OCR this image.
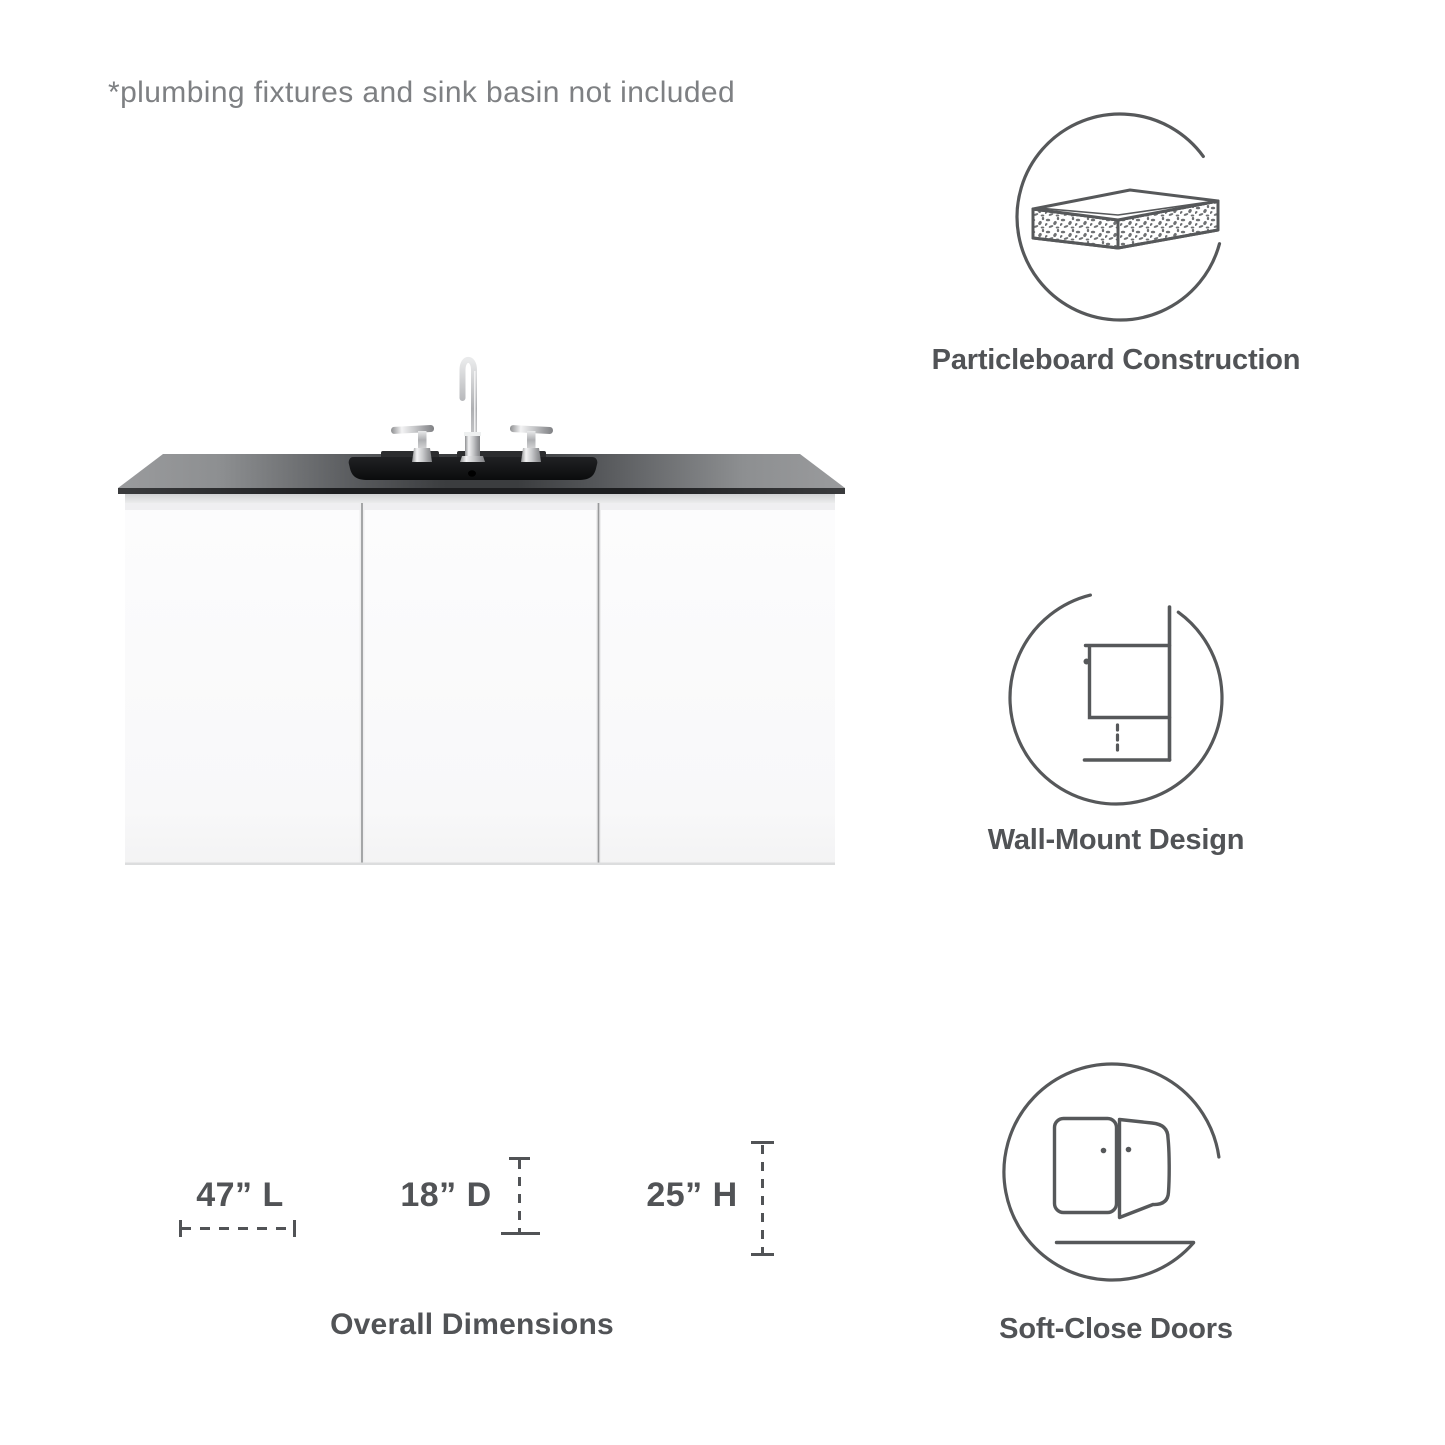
*plumbing fixtures and sink basin not included
Particleboard Construction
Wall-Mount Design
Soft-Close Doors
47” L	18” D	25” H
Overall Dimensions
